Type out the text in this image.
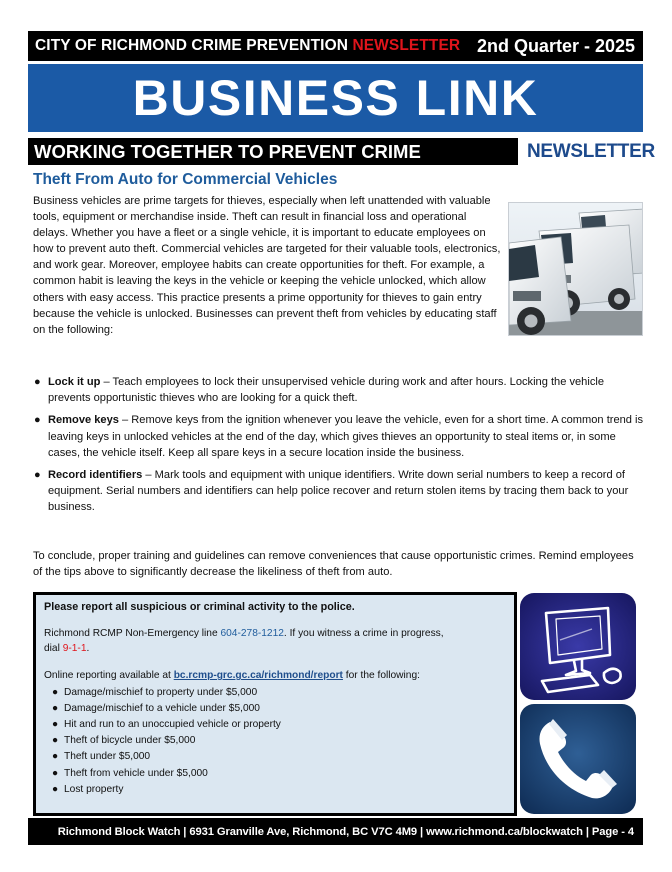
CITY OF RICHMOND CRIME PREVENTION NEWSLETTER 2nd Quarter - 2025
BUSINESS LINK
WORKING TOGETHER TO PREVENT CRIME	NEWSLETTER
Theft From Auto for Commercial Vehicles

Business vehicles are prime targets for thieves, especially when left unattended with valuable tools, equipment or merchandise inside. Theft can result in financial loss and operational delays. Whether you have a fleet or a single vehicle, it is important to educate employees on how to prevent auto theft. Commercial vehicles are targeted for their valuable tools, electronics, and work gear. Moreover, employee habits can create opportunities for theft. For example, a common habit is leaving the keys in the vehicle or keeping the vehicle unlocked, which allow others with easy access. This practice presents a prime opportunity for thieves to gain entry because the vehicle is unlocked. Businesses can prevent theft from vehicles by educating staff on the following:

● Lock it up – Teach employees to lock their unsupervised vehicle during work and after hours. Locking the vehicle prevents opportunistic thieves who are looking for a quick theft.
● Remove keys – Remove keys from the ignition whenever you leave the vehicle, even for a short time. A common trend is leaving keys in unlocked vehicles at the end of the day, which gives thieves an opportunity to steal items or, in some cases, the vehicle itself. Keep all spare keys in a secure location inside the business.
● Record identifiers – Mark tools and equipment with unique identifiers. Write down serial numbers to keep a record of equipment. Serial numbers and identifiers can help police recover and return stolen items by tracing them back to your business.

To conclude, proper training and guidelines can remove conveniences that cause opportunistic crimes. Remind employees of the tips above to significantly decrease the likeliness of theft from auto.

Please report all suspicious or criminal activity to the police.

Richmond RCMP Non-Emergency line 604-278-1212. If you witness a crime in progress,
dial 9-1-1.

Online reporting available at bc.rcmp-grc.gc.ca/richmond/report for the following:

● Damage/mischief to property under $5,000
● Damage/mischief to a vehicle under $5,000
● Hit and run to an unoccupied vehicle or property
● Theft of bicycle under $5,000
● Theft under $5,000
● Theft from vehicle under $5,000
● Lost property
Richmond Block Watch | 6931 Granville Ave, Richmond, BC V7C 4M9 | www.richmond.ca/blockwatch | Page - 4
